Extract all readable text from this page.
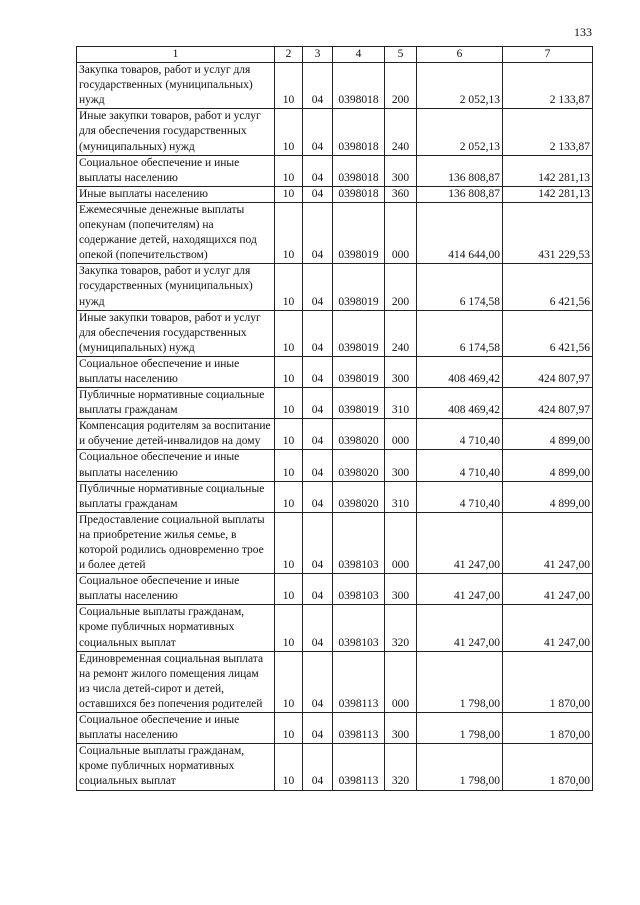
133
1	2	3	4	5	6	7
Закупка товаров, работ и услуг для государственных (муниципальных) нужд	10	04	0398018	200	2 052,13	2 133,87
Иные закупки товаров, работ и услуг для обеспечения государственных (муниципальных) нужд	10	04	0398018	240	2 052,13	2 133,87
Социальное обеспечение и иные выплаты населению	10	04	0398018	300	136 808,87	142 281,13
Иные выплаты населению	10	04	0398018	360	136 808,87	142 281,13
Ежемесячные денежные выплаты опекунам (попечителям) на содержание детей, находящихся под опекой (попечительством)	10	04	0398019	000	414 644,00	431 229,53
Закупка товаров, работ и услуг для государственных (муниципальных) нужд	10	04	0398019	200	6 174,58	6 421,56
Иные закупки товаров, работ и услуг для обеспечения государственных (муниципальных) нужд	10	04	0398019	240	6 174,58	6 421,56
Социальное обеспечение и иные выплаты населению	10	04	0398019	300	408 469,42	424 807,97
Публичные нормативные социальные выплаты гражданам	10	04	0398019	310	408 469,42	424 807,97
Компенсация родителям за воспитание и обучение детей-инвалидов на дому	10	04	0398020	000	4 710,40	4 899,00
Социальное обеспечение и иные выплаты населению	10	04	0398020	300	4 710,40	4 899,00
Публичные нормативные социальные выплаты гражданам	10	04	0398020	310	4 710,40	4 899,00
Предоставление социальной выплаты на приобретение жилья семье, в которой родились одновременно трое и более детей	10	04	0398103	000	41 247,00	41 247,00
Социальное обеспечение и иные выплаты населению	10	04	0398103	300	41 247,00	41 247,00
Социальные выплаты гражданам, кроме публичных нормативных социальных выплат	10	04	0398103	320	41 247,00	41 247,00
Единовременная социальная выплата на ремонт жилого помещения лицам из числа детей-сирот и детей, оставшихся без попечения родителей	10	04	0398113	000	1 798,00	1 870,00
Социальное обеспечение и иные выплаты населению	10	04	0398113	300	1 798,00	1 870,00
Социальные выплаты гражданам, кроме публичных нормативных социальных выплат	10	04	0398113	320	1 798,00	1 870,00
